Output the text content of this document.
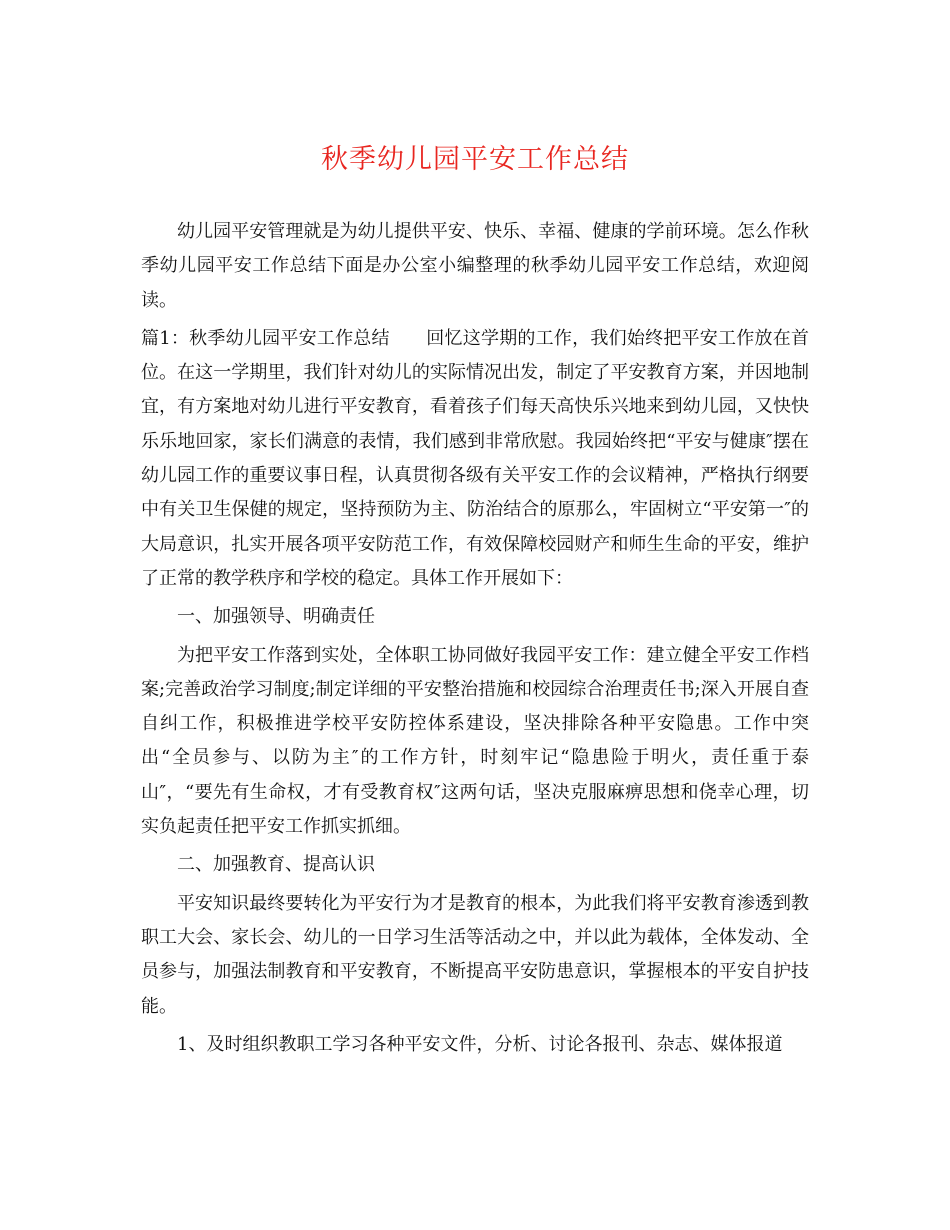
秋季幼儿园平安工作总结

幼儿园平安管理就是为幼儿提供平安、快乐、幸福、健康的学前环境。怎么作秋季幼儿园平安工作总结下面是办公室小编整理的秋季幼儿园平安工作总结，欢迎阅读。

篇1：秋季幼儿园平安工作总结　　回忆这学期的工作，我们始终把平安工作放在首位。在这一学期里，我们针对幼儿的实际情况出发，制定了平安教育方案，并因地制宜，有方案地对幼儿进行平安教育，看着孩子们每天高快乐兴地来到幼儿园，又快快乐乐地回家，家长们满意的表情，我们感到非常欣慰。我园始终把“平安与健康″摆在幼儿园工作的重要议事日程，认真贯彻各级有关平安工作的会议精神，严格执行纲要中有关卫生保健的规定，坚持预防为主、防治结合的原那么，牢固树立“平安第一″的大局意识，扎实开展各项平安防范工作，有效保障校园财产和师生生命的平安，维护了正常的教学秩序和学校的稳定。具体工作开展如下：

一、加强领导、明确责任

为把平安工作落到实处，全体职工协同做好我园平安工作：建立健全平安工作档案;完善政治学习制度;制定详细的平安整治措施和校园综合治理责任书;深入开展自查自纠工作，积极推进学校平安防控体系建设，坚决排除各种平安隐患。工作中突出“全员参与、以防为主″的工作方针，时刻牢记“隐患险于明火，责任重于泰山″，“要先有生命权，才有受教育权″这两句话，坚决克服麻痹思想和侥幸心理，切实负起责任把平安工作抓实抓细。

二、加强教育、提高认识

平安知识最终要转化为平安行为才是教育的根本，为此我们将平安教育渗透到教职工大会、家长会、幼儿的一日学习生活等活动之中，并以此为载体，全体发动、全员参与，加强法制教育和平安教育，不断提高平安防患意识，掌握根本的平安自护技能。

1、及时组织教职工学习各种平安文件，分析、讨论各报刊、杂志、媒体报道
